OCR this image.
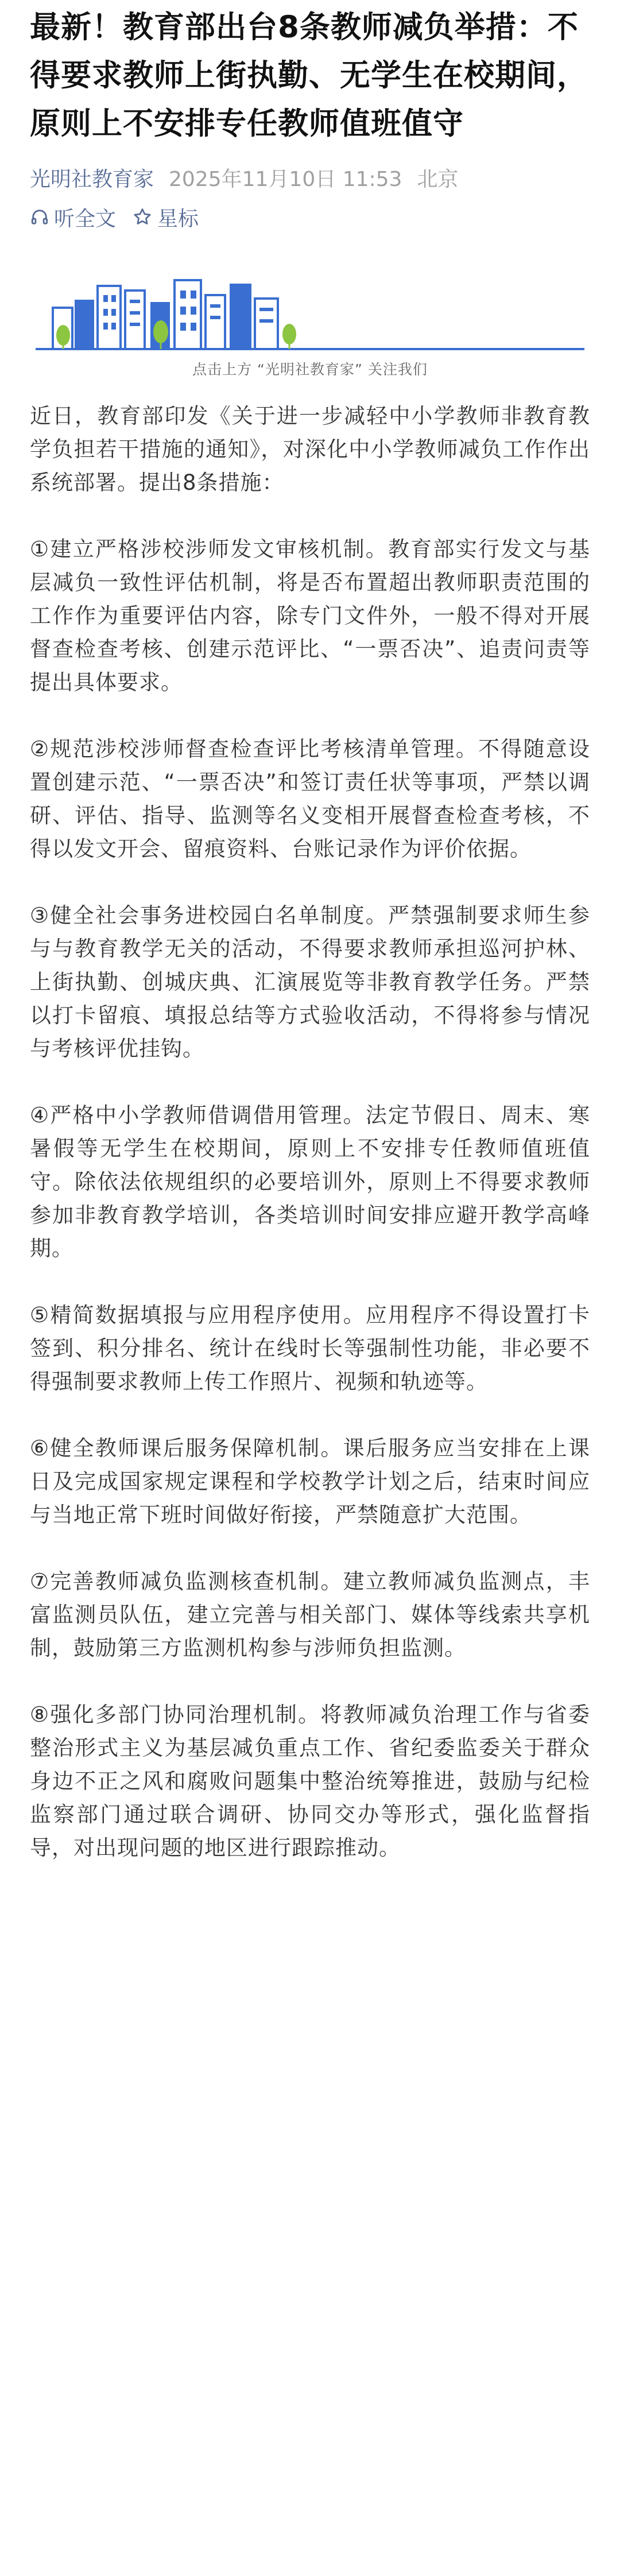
最新！教育部出台8条教师减负举措：不得要求教师上街执勤、无学生在校期间，原则上不安排专任教师值班值守
光明社教育家 2025年11月10日 11:53 北京
听全文 星标

点击上方 “光明社教育家” 关注我们

近日，教育部印发《关于进一步减轻中小学教师非教育教学负担若干措施的通知》，对深化中小学教师减负工作作出系统部署。提出8条措施：

①建立严格涉校涉师发文审核机制。教育部实行发文与基层减负一致性评估机制，将是否布置超出教师职责范围的工作作为重要评估内容，除专门文件外，一般不得对开展督查检查考核、创建示范评比、“一票否决”、追责问责等提出具体要求。

②规范涉校涉师督查检查评比考核清单管理。不得随意设置创建示范、“一票否决”和签订责任状等事项，严禁以调研、评估、指导、监测等名义变相开展督查检查考核，不得以发文开会、留痕资料、台账记录作为评价依据。

③健全社会事务进校园白名单制度。严禁强制要求师生参与与教育教学无关的活动，不得要求教师承担巡河护林、上街执勤、创城庆典、汇演展览等非教育教学任务。严禁以打卡留痕、填报总结等方式验收活动，不得将参与情况与考核评优挂钩。

④严格中小学教师借调借用管理。法定节假日、周末、寒暑假等无学生在校期间，原则上不安排专任教师值班值守。除依法依规组织的必要培训外，原则上不得要求教师参加非教育教学培训，各类培训时间安排应避开教学高峰期。

⑤精简数据填报与应用程序使用。应用程序不得设置打卡签到、积分排名、统计在线时长等强制性功能，非必要不得强制要求教师上传工作照片、视频和轨迹等。

⑥健全教师课后服务保障机制。课后服务应当安排在上课日及完成国家规定课程和学校教学计划之后，结束时间应与当地正常下班时间做好衔接，严禁随意扩大范围。

⑦完善教师减负监测核查机制。建立教师减负监测点，丰富监测员队伍，建立完善与相关部门、媒体等线索共享机制，鼓励第三方监测机构参与涉师负担监测。

⑧强化多部门协同治理机制。将教师减负治理工作与省委整治形式主义为基层减负重点工作、省纪委监委关于群众身边不正之风和腐败问题集中整治统筹推进，鼓励与纪检监察部门通过联合调研、协同交办等形式，强化监督指导，对出现问题的地区进行跟踪推动。
